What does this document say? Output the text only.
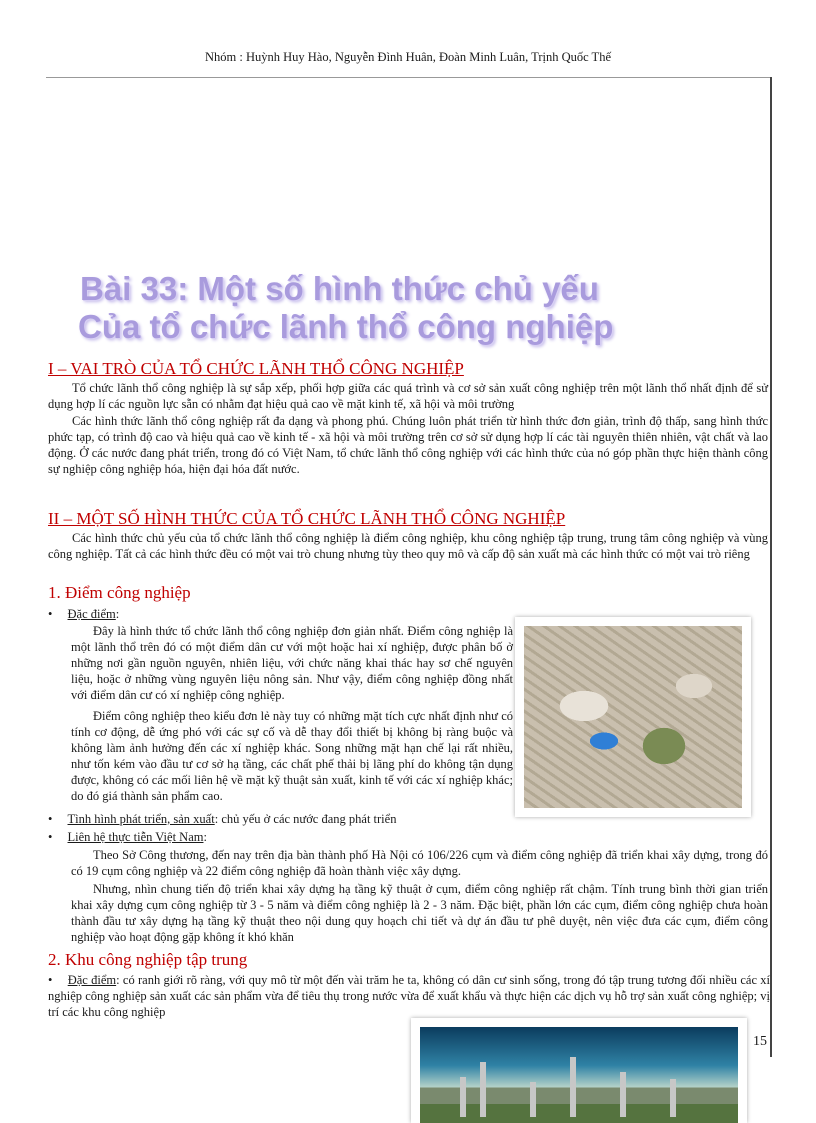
Nhóm : Huỳnh Huy Hào, Nguyễn Đình Huân, Đoàn Minh Luân, Trịnh Quốc Thế
Bài 33: Một số hình thức chủ yếu
Của tổ chức lãnh thổ công nghiệp
I – VAI TRÒ CỦA TỔ CHỨC LÃNH THỔ CÔNG NGHIỆP
Tổ chức lãnh thổ công nghiệp là sự sắp xếp, phối hợp giữa các quá trình và cơ sở sản xuất công nghiệp trên một lãnh thổ nhất định để sử dụng hợp lí các nguồn lực sẵn có nhằm đạt hiệu quả cao về mặt kinh tế, xã hội và môi trường
Các hình thức lãnh thổ công nghiệp rất đa dạng và phong phú. Chúng luôn phát triển từ hình thức đơn giản, trình độ thấp, sang hình thức phức tạp, có trình độ cao và hiệu quả cao về kinh tế - xã hội và môi trường trên cơ sở sử dụng hợp lí các tài nguyên thiên nhiên, vật chất và lao động. Ở các nước đang phát triển, trong đó có Việt Nam, tổ chức lãnh thổ công nghiệp với các hình thức của nó góp phần thực hiện thành công sự nghiệp công nghiệp hóa, hiện đại hóa đất nước.
II – MỘT SỐ HÌNH THỨC CỦA TỔ CHỨC LÃNH THỔ CÔNG NGHIỆP
Các hình thức chủ yếu của tổ chức lãnh thổ công nghiệp là điểm công nghiệp, khu công nghiệp tập trung, trung tâm công nghiệp và vùng công nghiệp. Tất cả các hình thức đều có một vai trò chung nhưng tùy theo quy mô và cấp độ sản xuất mà các hình thức có một vai trò riêng
1. Điểm công nghiệp
• Đặc điểm:
Đây là hình thức tổ chức lãnh thổ công nghiệp đơn giản nhất. Điểm công nghiệp là một lãnh thổ trên đó có một điểm dân cư với một hoặc hai xí nghiệp, được phân bố ở những nơi gần nguồn nguyên, nhiên liệu, với chức năng khai thác hay sơ chế nguyên liệu, hoặc ở những vùng nguyên liệu nông sản. Như vậy, điểm công nghiệp đồng nhất với điểm dân cư có xí nghiệp công nghiệp.
Điểm công nghiệp theo kiểu đơn lẻ này tuy có những mặt tích cực nhất định như có tính cơ động, dễ ứng phó với các sự cố và dễ thay đổi thiết bị không bị ràng buộc và không làm ảnh hưởng đến các xí nghiệp khác. Song những mặt hạn chế lại rất nhiều, như tốn kém vào đầu tư cơ sở hạ tầng, các chất phế thải bị lãng phí do không tận dụng được, không có các mối liên hệ về mặt kỹ thuật sản xuất, kinh tế với các xí nghiệp khác; do đó giá thành sản phẩm cao.
• Tình hình phát triển, sản xuất: chủ yếu ở các nước đang phát triển
• Liên hệ thực tiễn Việt Nam:
Theo Sở Công thương, đến nay trên địa bàn thành phố Hà Nội có 106/226 cụm và điểm công nghiệp đã triển khai xây dựng, trong đó có 19 cụm công nghiệp và 22 điểm công nghiệp đã hoàn thành việc xây dựng.
Nhưng, nhìn chung tiến độ triển khai xây dựng hạ tầng kỹ thuật ở cụm, điểm công nghiệp rất chậm. Tính trung bình thời gian triển khai xây dựng cụm công nghiệp từ 3 - 5 năm và điểm công nghiệp là 2 - 3 năm. Đặc biệt, phần lớn các cụm, điểm công nghiệp chưa hoàn thành đầu tư xây dựng hạ tầng kỹ thuật theo nội dung quy hoạch chi tiết và dự án đầu tư phê duyệt, nên việc đưa các cụm, điểm công nghiệp vào hoạt động gặp không ít khó khăn
2. Khu công nghiệp tập trung
• Đặc điểm: có ranh giới rõ ràng, với quy mô từ một đến vài trăm he ta, không có dân cư sinh sống, trong đó tập trung tương đối nhiều các xí nghiệp công nghiệp sản xuất các sản phẩm vừa để tiêu thụ trong nước vừa để xuất khẩu và thực hiện các dịch vụ hỗ trợ sản xuất công nghiệp; vị trí các khu công nghiệp
15
